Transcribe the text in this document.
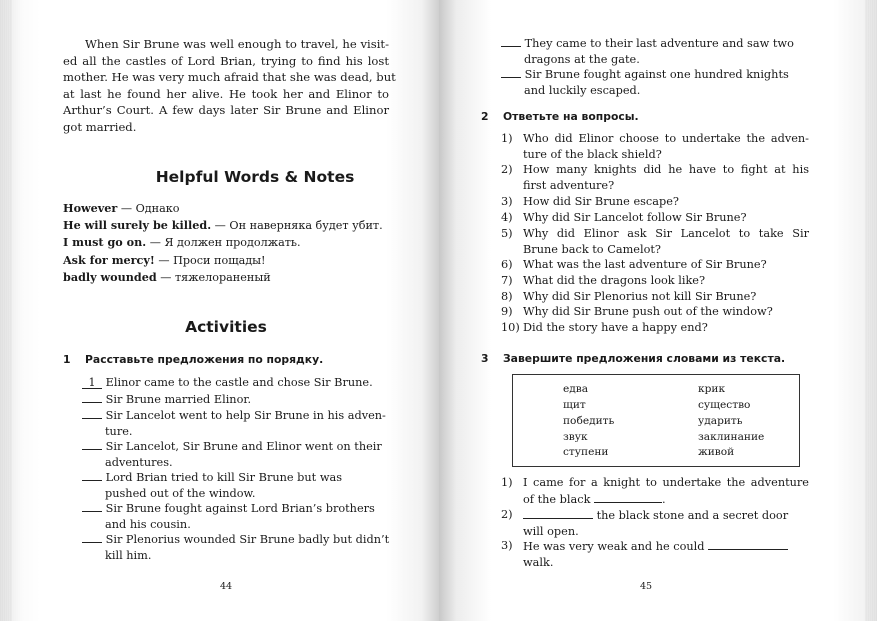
When Sir Brune was well enough to travel, he visit-
ed all the castles of Lord Brian, trying to find his lost
mother. He was very much afraid that she was dead, but
at last he found her alive. He took her and Elinor to
Arthur’s Court. A few days later Sir Brune and Elinor
got married.
Helpful Words & Notes
However — Однако
He will surely be killed. — Он наверняка будет убит.
I must go on. — Я должен продолжать.
Ask for mercy! — Проси пощады!
badly wounded — тяжелораненый
Activities
1 Расставьте предложения по порядку.
1 Elinor came to the castle and chose Sir Brune.
Sir Brune married Elinor.
Sir Lancelot went to help Sir Brune in his adven-
ture.
Sir Lancelot, Sir Brune and Elinor went on their
adventures.
Lord Brian tried to kill Sir Brune but was
pushed out of the window.
Sir Brune fought against Lord Brian’s brothers
and his cousin.
Sir Plenorius wounded Sir Brune badly but didn’t
kill him.
44
They came to their last adventure and saw two
dragons at the gate.
Sir Brune fought against one hundred knights
and luckily escaped.
2 Ответьте на вопросы.
1) Who did Elinor choose to undertake the adven-
ture of the black shield?
2) How many knights did he have to fight at his
first adventure?
3) How did Sir Brune escape?
4) Why did Sir Lancelot follow Sir Brune?
5) Why did Elinor ask Sir Lancelot to take Sir
Brune back to Camelot?
6) What was the last adventure of Sir Brune?
7) What did the dragons look like?
8) Why did Sir Plenorius not kill Sir Brune?
9) Why did Sir Brune push out of the window?
10) Did the story have a happy end?
3 Завершите предложения словами из текста.
едва
щит
победить
звук
ступени
крик
существо
ударить
заклинание
живой
1) I came for a knight to undertake the adventure
of the black	.
2)	the black stone and a secret door
will open.
3) He was very weak and he could
walk.
45
